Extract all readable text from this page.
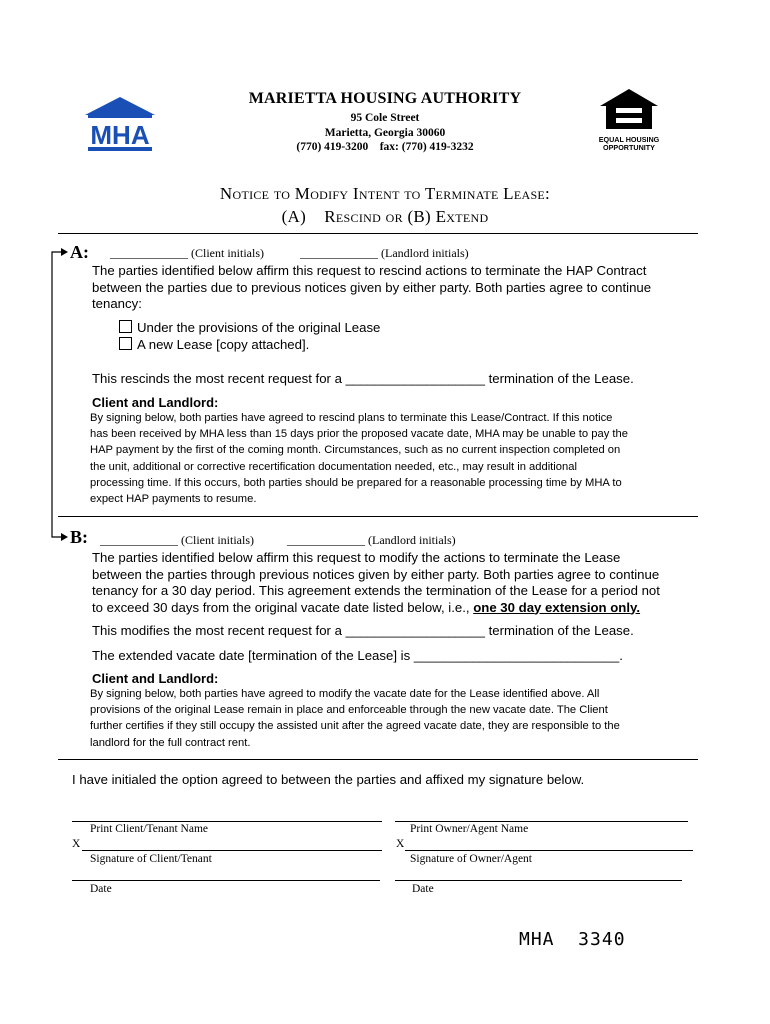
MHA	EQUAL HOUSING
OPPORTUNITY
MARIETTA HOUSING AUTHORITY
95 Cole Street
Marietta, Georgia 30060
(770) 419-3200    fax: (770) 419-3232
Notice to Modify Intent to Terminate Lease:
(A) Rescind or (B) Extend
A: _____________ (Client initials)	_____________ (Landlord initials)
The parties identified below affirm this request to rescind actions to terminate the HAP Contract
between the parties due to previous notices given by either party. Both parties agree to continue
tenancy:
Under the provisions of the original Lease
A new Lease [copy attached].
This rescinds the most recent request for a ___________________ termination of the Lease.
Client and Landlord:
By signing below, both parties have agreed to rescind plans to terminate this Lease/Contract. If this notice
has been received by MHA less than 15 days prior the proposed vacate date, MHA may be unable to pay the
HAP payment by the first of the coming month. Circumstances, such as no current inspection completed on
the unit, additional or corrective recertification documentation needed, etc., may result in additional
processing time. If this occurs, both parties should be prepared for a reasonable processing time by MHA to
expect HAP payments to resume.
B: _____________ (Client initials)	_____________ (Landlord initials)
The parties identified below affirm this request to modify the actions to terminate the Lease
between the parties through previous notices given by either party. Both parties agree to continue
tenancy for a 30 day period. This agreement extends the termination of the Lease for a period not
to exceed 30 days from the original vacate date listed below, i.e., one 30 day extension only.
This modifies the most recent request for a ___________________ termination of the Lease.
The extended vacate date [termination of the Lease] is ____________________________.
Client and Landlord:
By signing below, both parties have agreed to modify the vacate date for the Lease identified above. All
provisions of the original Lease remain in place and enforceable through the new vacate date. The Client
further certifies if they still occupy the assisted unit after the agreed vacate date, they are responsible to the
landlord for the full contract rent.
I have initialed the option agreed to between the parties and affixed my signature below.
Print Client/Tenant Name	Print Owner/Agent Name
X	X
Signature of Client/Tenant	Signature of Owner/Agent
Date	Date
MHA  3340
